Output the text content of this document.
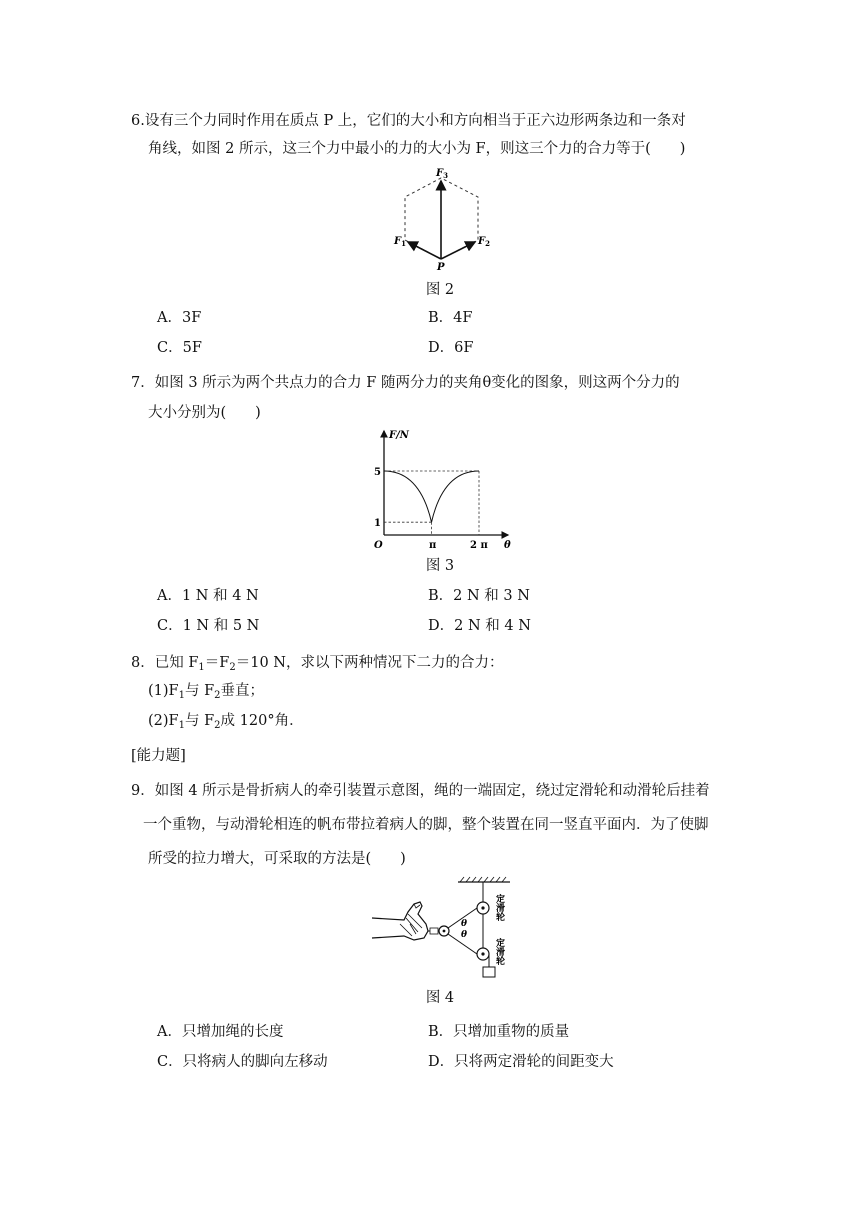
6.设有三个力同时作用在质点 P 上，它们的大小和方向相当于正六边形两条边和一条对
角线，如图 2 所示，这三个力中最小的力的大小为 F，则这三个力的合力等于(　　)
$F_3$
$F_1$	$F_2$
P
图 2
A．3F	B．4F
C．5F	D．6F
7．如图 3 所示为两个共点力的合力 F 随两分力的夹角θ变化的图象，则这两个分力的
大小分别为(　　)
F/N
θ
O
5
1
π	2 π
图 3
A．1 N 和 4 N	B．2 N 和 3 N
C．1 N 和 5 N	D．2 N 和 4 N
8．已知 $F_1=F_2=10$ N，求以下两种情况下二力的合力：
$(1)F_1$与 $F_2$垂直；
$(2)F_1$与 $F_2$成 120°角．
[能力题]
9．如图 4 所示是骨折病人的牵引装置示意图，绳的一端固定，绕过定滑轮和动滑轮后挂着
一个重物，与动滑轮相连的帆布带拉着病人的脚，整个装置在同一竖直平面内．为了使脚
所受的拉力增大，可采取的方法是(　　)
θ
θ
定滑轮
定滑轮
图 4
A．只增加绳的长度	B．只增加重物的质量
C．只将病人的脚向左移动	D．只将两定滑轮的间距变大
